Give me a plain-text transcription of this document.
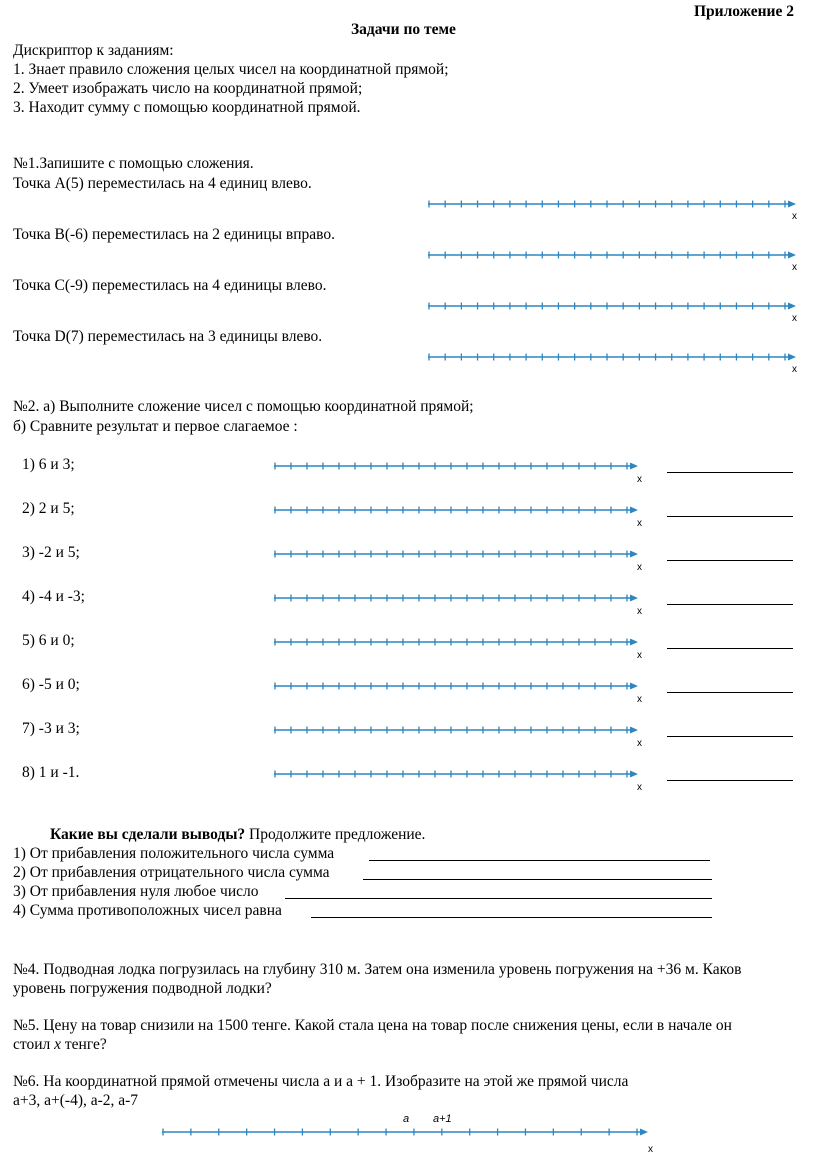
Приложение 2
Задачи по теме
Дискриптор к заданиям:
1. Знает правило сложения целых чисел на координатной прямой;
2. Умеет изображать число на координатной прямой;
3. Находит сумму с помощью координатной прямой.
№1.Запишите с помощью сложения.
Точка A(5) переместилась на 4 единиц влево.
Точка B(-6) переместилась на 2 единицы вправо.
Точка C(-9) переместилась на 4 единицы влево.
Точка D(7) переместилась на 3 единицы влево.
x
x
x
x
№2. а) Выполните сложение чисел с помощью координатной прямой;
б) Сравните результат и первое слагаемое :
1) 6 и 3;
2) 2 и 5;
3) -2 и 5;
4) -4 и -3;
5) 6 и 0;
6) -5 и 0;
7) -3 и 3;
8) 1 и -1.
x
x
x
x
x
x
x
x
Какие вы сделали выводы? Продолжите предложение.
1) От прибавления положительного числа сумма
2) От прибавления отрицательного числа сумма
3) От прибавления нуля любое число
4) Сумма противоположных чисел равна
№4. Подводная лодка погрузилась на глубину 310 м. Затем она изменила уровень погружения на +36 м. Каков
уровень погружения подводной лодки?
№5. Цену на товар снизили на 1500 тенге. Какой стала цена на товар после снижения цены, если в начале он
стоил x тенге?
№6. На координатной прямой отмечены числа а и а + 1. Изобразите на этой же прямой числа
a+3, a+(-4), a-2, a-7
x
a a+1
